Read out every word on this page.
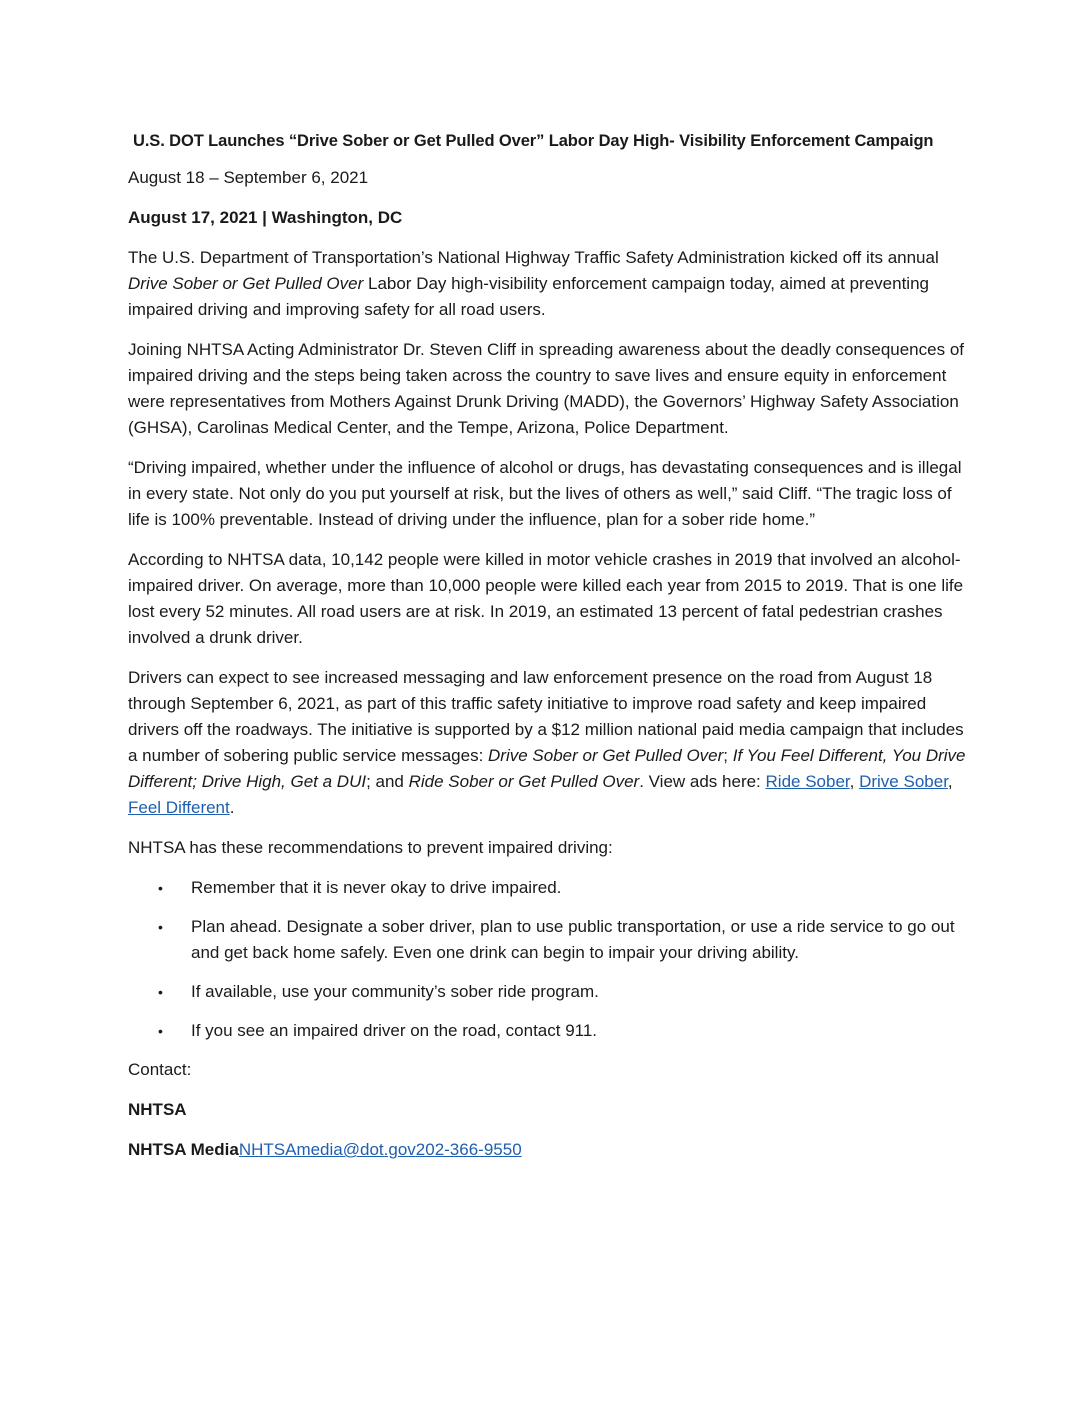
U.S. DOT Launches “Drive Sober or Get Pulled Over” Labor Day High- Visibility Enforcement Campaign

August 18 – September 6, 2021

August 17, 2021 | Washington, DC

The U.S. Department of Transportation’s National Highway Traffic Safety Administration kicked off its annual Drive Sober or Get Pulled Over Labor Day high-visibility enforcement campaign today, aimed at preventing impaired driving and improving safety for all road users.

Joining NHTSA Acting Administrator Dr. Steven Cliff in spreading awareness about the deadly consequences of impaired driving and the steps being taken across the country to save lives and ensure equity in enforcement were representatives from Mothers Against Drunk Driving (MADD), the Governors’ Highway Safety Association (GHSA), Carolinas Medical Center, and the Tempe, Arizona, Police Department.

“Driving impaired, whether under the influence of alcohol or drugs, has devastating consequences and is illegal in every state. Not only do you put yourself at risk, but the lives of others as well,” said Cliff. “The tragic loss of life is 100% preventable. Instead of driving under the influence, plan for a sober ride home.”

According to NHTSA data, 10,142 people were killed in motor vehicle crashes in 2019 that involved an alcohol-impaired driver. On average, more than 10,000 people were killed each year from 2015 to 2019. That is one life lost every 52 minutes. All road users are at risk. In 2019, an estimated 13 percent of fatal pedestrian crashes involved a drunk driver.

Drivers can expect to see increased messaging and law enforcement presence on the road from August 18 through September 6, 2021, as part of this traffic safety initiative to improve road safety and keep impaired drivers off the roadways. The initiative is supported by a $12 million national paid media campaign that includes a number of sobering public service messages: Drive Sober or Get Pulled Over; If You Feel Different, You Drive Different; Drive High, Get a DUI; and Ride Sober or Get Pulled Over. View ads here: Ride Sober, Drive Sober, Feel Different.

NHTSA has these recommendations to prevent impaired driving:

• Remember that it is never okay to drive impaired.
• Plan ahead. Designate a sober driver, plan to use public transportation, or use a ride service to go out and get back home safely. Even one drink can begin to impair your driving ability.
• If available, use your community’s sober ride program.
• If you see an impaired driver on the road, contact 911.

Contact:

NHTSA

NHTSA MediaNHTSAmedia@dot.gov202-366-9550
